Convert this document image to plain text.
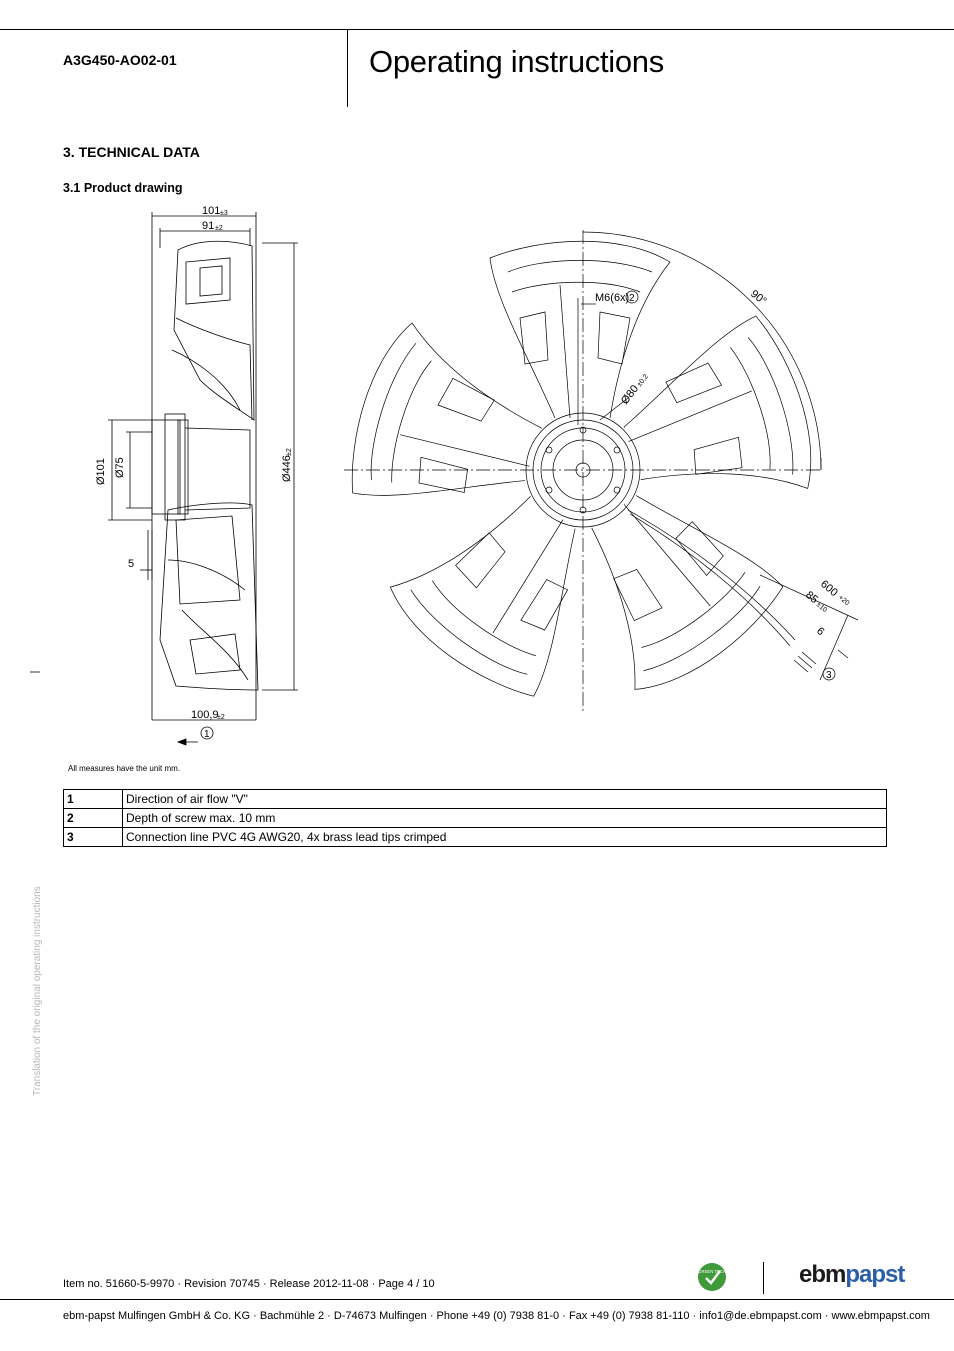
A3G450-AO02-01	Operating instructions
3. TECHNICAL DATA
3.1 Product drawing
101 ±3
91 ±2
100,9
±2
5
Ø101 Ø75	Ø446
±2
1
M6(6x) 2	90°
Ø80
±0,2
600
+20
85
±10
6
3
All measures have the unit mm.
1	Direction of air flow "V"
2	Depth of screw max. 10 mm
3	Connection line PVC 4G AWG20, 4x brass lead tips crimped
Translation of the original operating instructions
Item no. 51660-5-9970 · Revision 70745 · Release 2012-11-08 · Page 4 / 10
GREEN TECH	ebmpapst
ebm-papst Mulfingen GmbH & Co. KG · Bachmühle 2 · D-74673 Mulfingen · Phone +49 (0) 7938 81-0 · Fax +49 (0) 7938 81-110 · info1@de.ebmpapst.com · www.ebmpapst.com
